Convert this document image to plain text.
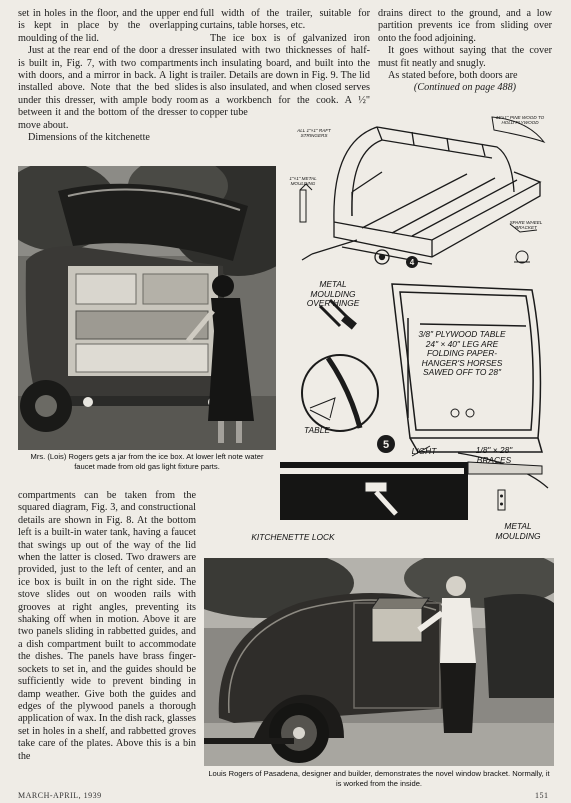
set in holes in the floor, and the upper end is kept in place by the overlapping moulding of the lid.

Just at the rear end of the door a dresser is built in, Fig. 7, with two compartments with doors, and a mirror in back. A light is installed above. Note that the bed slides under this dresser, with ample body room between it and the bottom of the dresser to move about.

Dimensions of the kitchenette

full width of the trailer, suitable for curtains, table horses, etc.

The ice box is of galvanized iron insulated with two thicknesses of half-inch insulating board, and built into the trailer. Details are down in Fig. 9. The lid is also insulated, and when closed serves as a workbench for the cook. A ½" copper tube

drains direct to the ground, and a low partition prevents ice from sliding over onto the food adjoining.

It goes without saying that the cover must fit neatly and snugly.

As stated before, both doors are

(Continued on page 488)

Mrs. (Lois) Rogers gets a jar from the ice box. At lower left note water faucet made from old gas light fixture parts.
4
ALL 1"×1" RAFT STRINGERS
1"×1" METAL MOULDING
16'×1" PINE WOOD TO HOLD PLYWOOD
SPARE WHEEL BRACKET
5
METAL MOULDING OVER HINGE
3/8" PLYWOOD TABLE 24" × 40" LEG ARE FOLDING PAPER-HANGER'S HORSES SAWED OFF TO 28"
TABLE
LIGHT	1/8" × 28" BRACES
KITCHENETTE LOCK
METAL MOULDING

compartments can be taken from the squared diagram, Fig. 3, and constructional details are shown in Fig. 8. At the bottom left is a built-in water tank, having a faucet that swings up out of the way of the lid when the latter is closed. Two drawers are provided, just to the left of center, and an ice box is built in on the right side. The stove slides out on wooden rails with grooves at right angles, preventing its shaking off when in motion. Above it are two panels sliding in rabbetted guides, and a dish compartment built to accommodate the dishes. The panels have brass finger-sockets to set in, and the guides should be sufficiently wide to prevent binding in damp weather. Give both the guides and edges of the plywood panels a thorough application of wax. In the dish rack, glasses set in holes in a shelf, and rabbetted groves take care of the plates. Above this is a bin the

Louis Rogers of Pasadena, designer and builder, demonstrates the novel window bracket. Normally, it is worked from the inside.
MARCH-APRIL, 1939	151
